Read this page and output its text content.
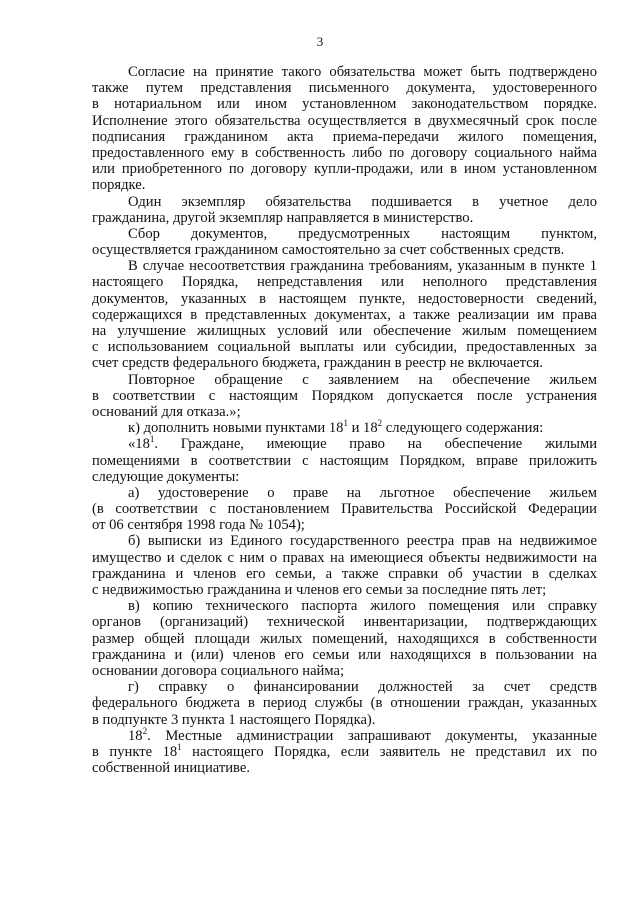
3
Согласие на принятие такого обязательства может быть подтверждено
также путем представления письменного документа, удостоверенного
в нотариальном или ином установленном законодательством порядке.
Исполнение этого обязательства осуществляется в двухмесячный срок после
подписания гражданином акта приема-передачи жилого помещения,
предоставленного ему в собственность либо по договору социального найма
или приобретенного по договору купли-продажи, или в ином установленном
порядке.
Один экземпляр обязательства подшивается в учетное дело
гражданина, другой экземпляр направляется в министерство.
Сбор документов, предусмотренных настоящим пунктом,
осуществляется гражданином самостоятельно за счет собственных средств.
В случае несоответствия гражданина требованиям, указанным в пункте 1
настоящего Порядка, непредставления или неполного представления
документов, указанных в настоящем пункте, недостоверности сведений,
содержащихся в представленных документах, а также реализации им права
на улучшение жилищных условий или обеспечение жилым помещением
с использованием социальной выплаты или субсидии, предоставленных за
счет средств федерального бюджета, гражданин в реестр не включается.
Повторное обращение с заявлением на обеспечение жильем
в соответствии с настоящим Порядком допускается после устранения
оснований для отказа.»;
к) дополнить новыми пунктами $18^1$ и $18^2$ следующего содержания:
«$18^1$. Граждане, имеющие право на обеспечение жилыми
помещениями в соответствии с настоящим Порядком, вправе приложить
следующие документы:
а) удостоверение о праве на льготное обеспечение жильем
(в соответствии с постановлением Правительства Российской Федерации
от 06 сентября 1998 года № 1054);
б) выписки из Единого государственного реестра прав на недвижимое
имущество и сделок с ним о правах на имеющиеся объекты недвижимости на
гражданина и членов его семьи, а также справки об участии в сделках
с недвижимостью гражданина и членов его семьи за последние пять лет;
в) копию технического паспорта жилого помещения или справку
органов (организаций) технической инвентаризации, подтверждающих
размер общей площади жилых помещений, находящихся в собственности
гражданина и (или) членов его семьи или находящихся в пользовании на
основании договора социального найма;
г) справку о финансировании должностей за счет средств
федерального бюджета в период службы (в отношении граждан, указанных
в подпункте 3 пункта 1 настоящего Порядка).
$18^2$. Местные администрации запрашивают документы, указанные
в пункте $18^1$ настоящего Порядка, если заявитель не представил их по
собственной инициативе.
